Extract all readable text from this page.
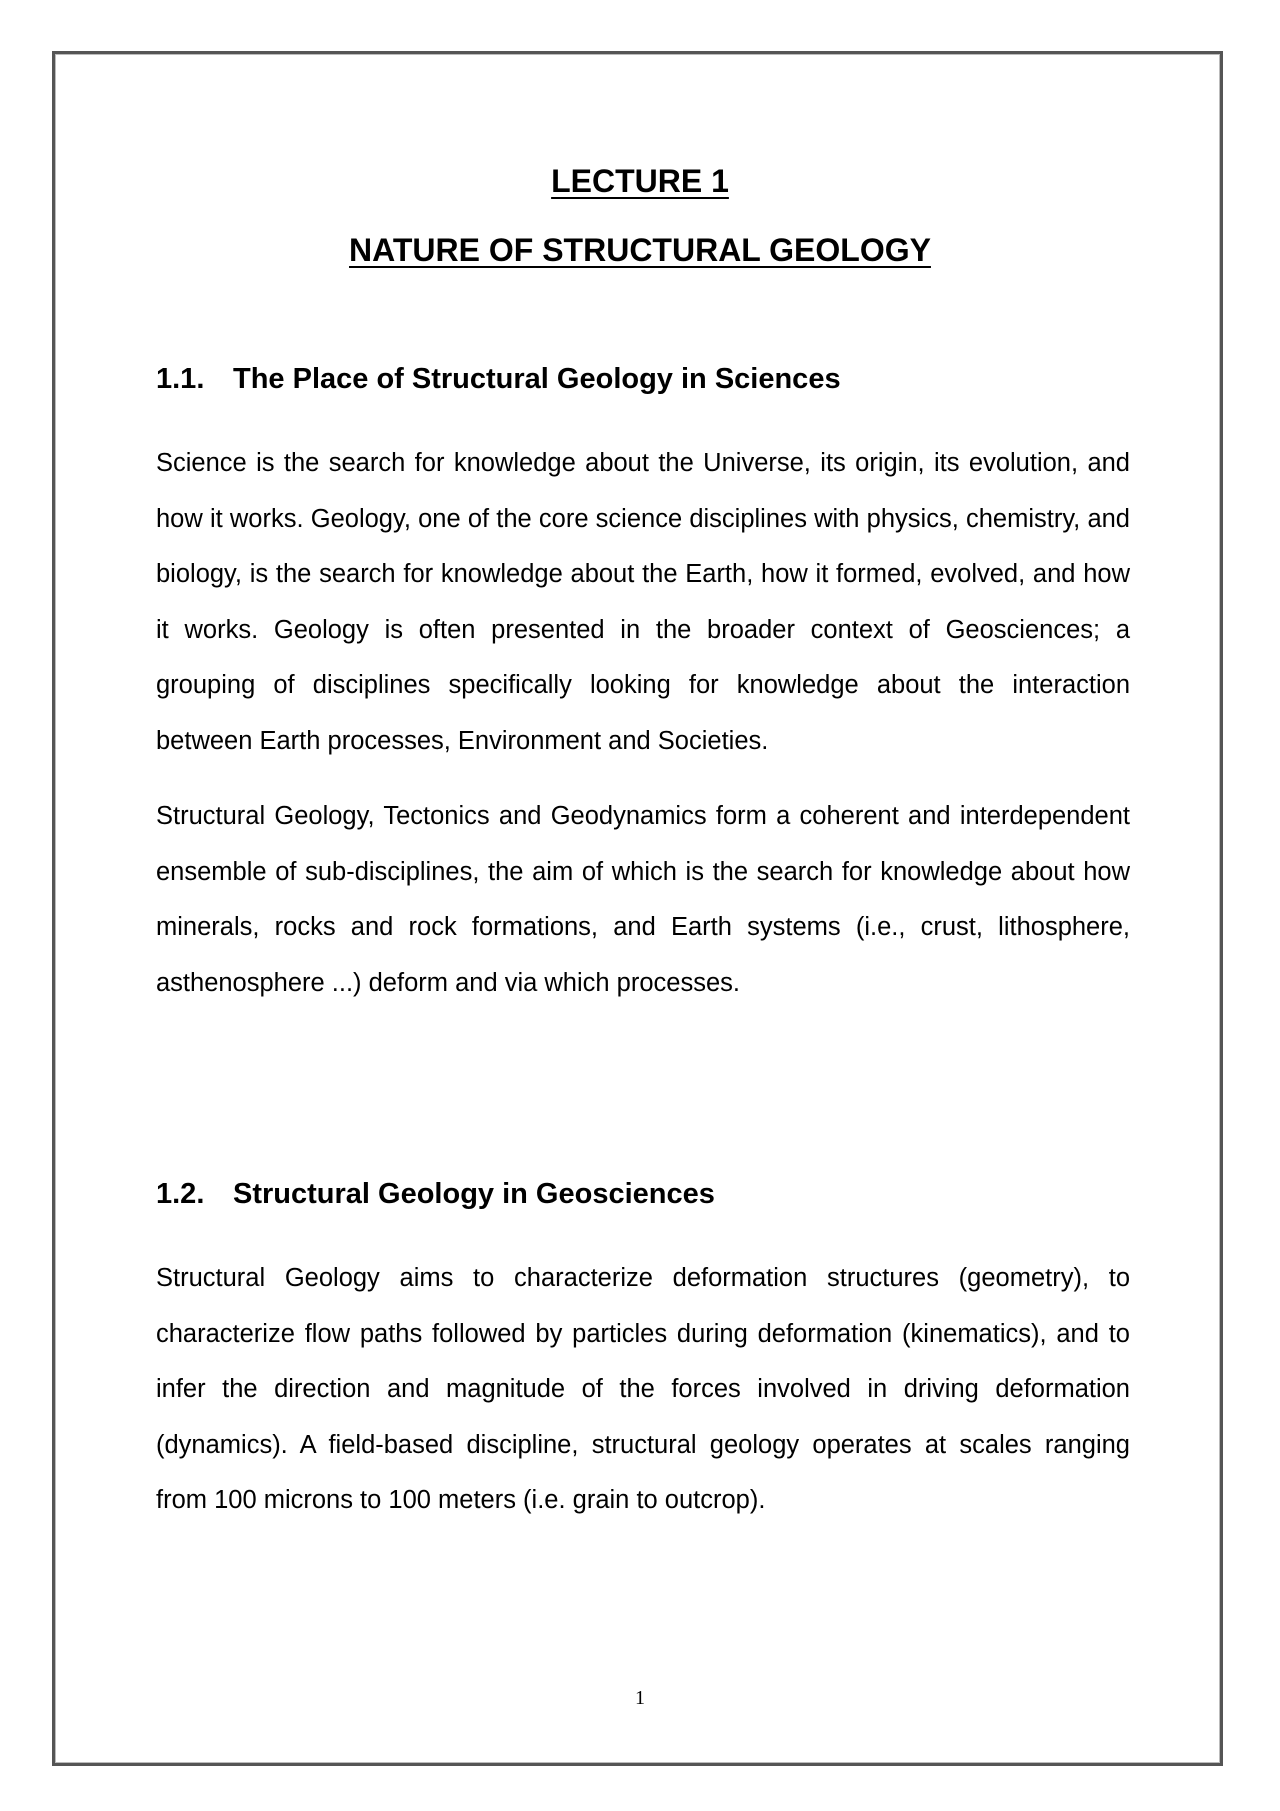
LECTURE 1
NATURE OF STRUCTURAL GEOLOGY
1.1. The Place of Structural Geology in Sciences

Science is the search for knowledge about the Universe, its origin, its evolution, and how it works. Geology, one of the core science disciplines with physics, chemistry, and biology, is the search for knowledge about the Earth, how it formed, evolved, and how it works. Geology is often presented in the broader context of Geosciences; a grouping of disciplines specifically looking for knowledge about the interaction between Earth processes, Environment and Societies.

Structural Geology, Tectonics and Geodynamics form a coherent and interdependent ensemble of sub-disciplines, the aim of which is the search for knowledge about how minerals, rocks and rock formations, and Earth systems (i.e., crust, lithosphere, asthenosphere ...) deform and via which processes.

1.2. Structural Geology in Geosciences

Structural Geology aims to characterize deformation structures (geometry), to characterize flow paths followed by particles during deformation (kinematics), and to infer the direction and magnitude of the forces involved in driving deformation (dynamics). A field-based discipline, structural geology operates at scales ranging from 100 microns to 100 meters (i.e. grain to outcrop).

1
